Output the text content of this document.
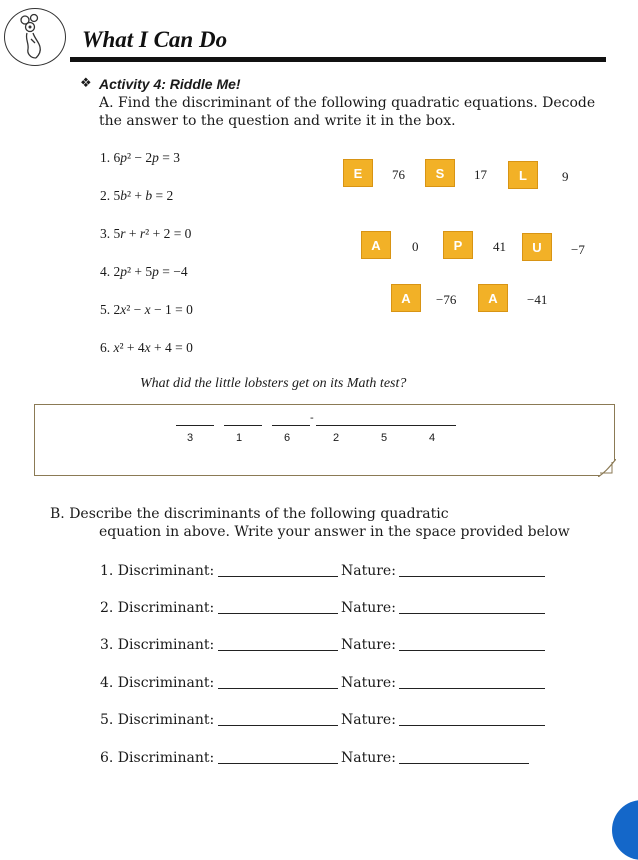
What I Can Do
❖ Activity 4: Riddle Me!
A. Find the discriminant of the following quadratic equations. Decode the answer to the question and write it in the box.
1. 6p² − 2p = 3
2. 5b² + b = 2
3. 5r + r² + 2 = 0
4. 2p² + 5p = −4
5. 2x² − x − 1 = 0
6. x² + 4x + 4 = 0
E	76	S	17	L	9
A	0	P	41	U	−7
A	−76	A	−41
What did the little lobsters get on its Math test?
-
3	1	6	2	5	4
B. Describe the discriminants of the following quadratic
equation in above. Write your answer in the space provided below
1. Discriminant:	Nature:
2. Discriminant:	Nature:
3. Discriminant:	Nature:
4. Discriminant:	Nature:
5. Discriminant:	Nature:
6. Discriminant:	Nature:
